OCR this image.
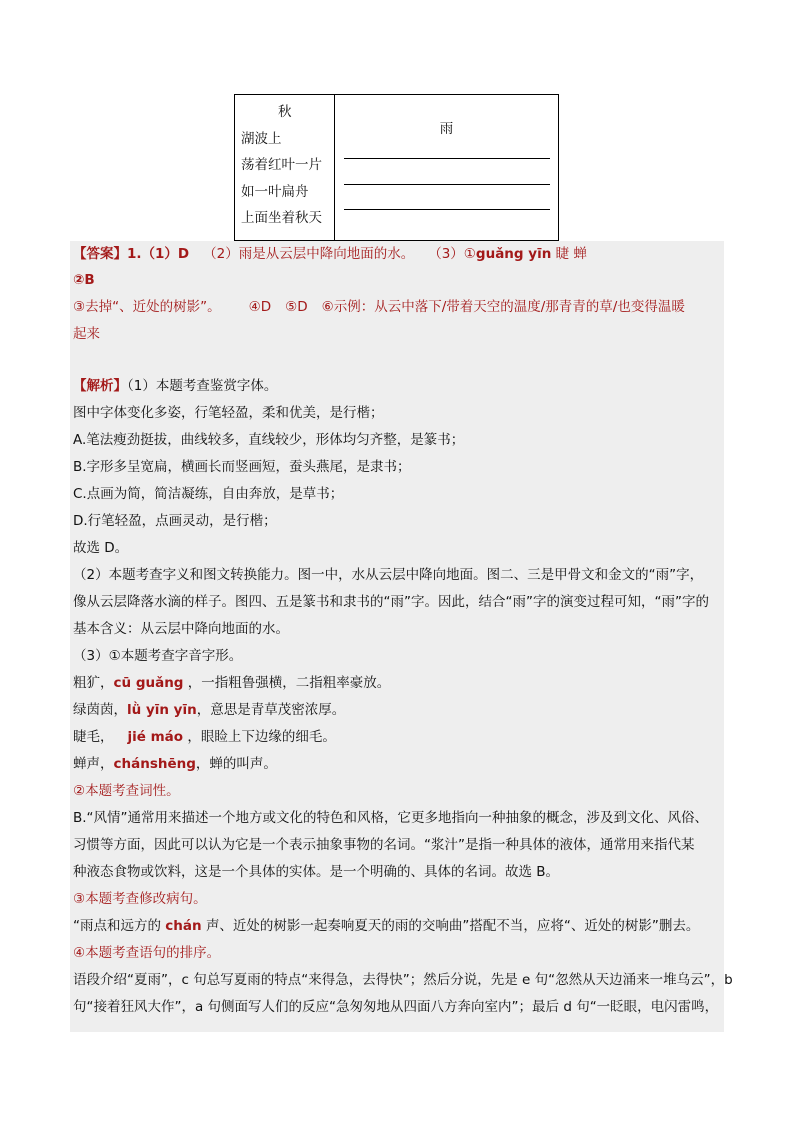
秋
湖波上
荡着红叶一片
如一叶扁舟
上面坐着秋天
雨
【答案】1.（1）D （2）雨是从云层中降向地面的水。 （3）①guǎng yīn 睫 蝉
②B
③去掉“、近处的树影”。 ④D ⑤D ⑥示例：从云中落下/带着天空的温度/那青青的草/也变得温暖
起来
【解析】（1）本题考查鉴赏字体。
图中字体变化多姿，行笔轻盈，柔和优美，是行楷；
A.笔法瘦劲挺拔，曲线较多，直线较少，形体均匀齐整，是篆书；
B.字形多呈宽扁，横画长而竖画短，蚕头燕尾，是隶书；
C.点画为简，简洁凝练，自由奔放，是草书；
D.行笔轻盈，点画灵动，是行楷；
故选 D。
（2）本题考查字义和图文转换能力。图一中，水从云层中降向地面。图二、三是甲骨文和金文的“雨”字，
像从云层降落水滴的样子。图四、五是篆书和隶书的“雨”字。因此，结合“雨”字的演变过程可知，“雨”字的
基本含义：从云层中降向地面的水。
（3）①本题考查字音字形。
粗犷，cū guǎng ，一指粗鲁强横，二指粗率豪放。
绿茵茵，lǜ yīn yīn，意思是青草茂密浓厚。
睫毛， jié máo ，眼睑上下边缘的细毛。
蝉声，chánshēng，蝉的叫声。
②本题考查词性。
B.“风情”通常用来描述一个地方或文化的特色和风格，它更多地指向一种抽象的概念，涉及到文化、风俗、
习惯等方面，因此可以认为它是一个表示抽象事物的名词。“浆汁”是指一种具体的液体，通常用来指代某
种液态食物或饮料，这是一个具体的实体。是一个明确的、具体的名词。故选 B。
③本题考查修改病句。
“雨点和远方的 chán 声、近处的树影一起奏响夏天的雨的交响曲”搭配不当，应将“、近处的树影”删去。
④本题考查语句的排序。
语段介绍“夏雨”，c 句总写夏雨的特点“来得急，去得快”；然后分说，先是 e 句“忽然从天边涌来一堆乌云”，b
句“接着狂风大作”，a 句侧面写人们的反应“急匆匆地从四面八方奔向室内”；最后 d 句“一眨眼，电闪雷鸣，
